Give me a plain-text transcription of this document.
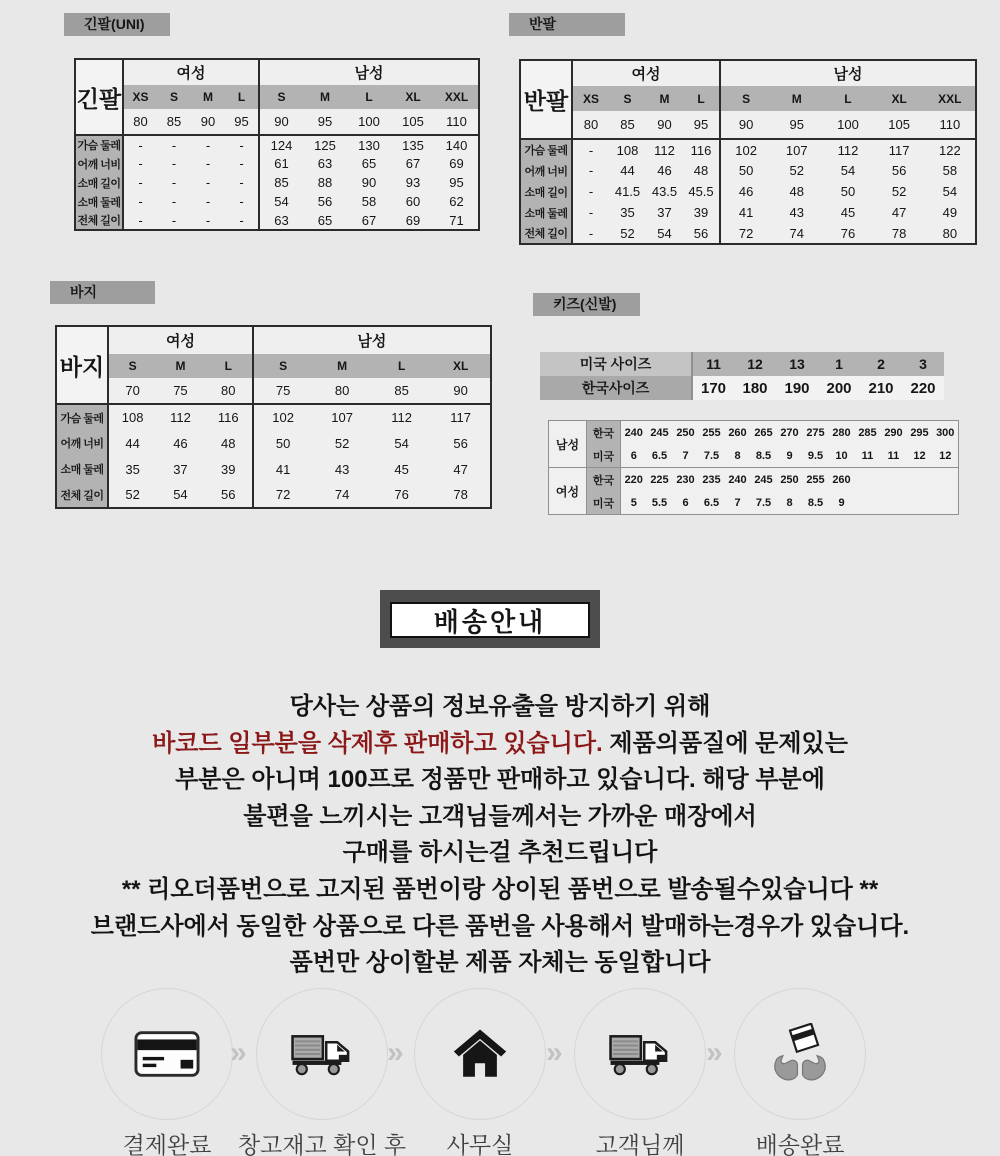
긴팔(UNI)	반팔
바지
키즈(신발)
배송안내
당사는 상품의 정보유출을 방지하기 위해
바코드 일부분을 삭제후 판매하고 있습니다. 제품의품질에 문제있는
부분은 아니며 100프로 정품만 판매하고 있습니다. 해당 부분에
불편을 느끼시는 고객님들께서는 가까운 매장에서
구매를 하시는걸 추천드립니다
** 리오더품번으로 고지된 품번이랑 상이된 품번으로 발송될수있습니다 **
브랜드사에서 동일한 상품으로 다른 품번을 사용해서 발매하는경우가 있습니다.
품번만 상이할분 제품 자체는 동일합니다
»	»	»	»
결제완료	창고재고 확인 후	사무실	고객님께	배송완료
긴팔	여성				남성				
	XS	S	M	L	S	M	L	XL	XXL
	80	85	90	95	90	95	100	105	110
가슴 둘레	-	-	-	-	124	125	130	135	140
어깨 너비	-	-	-	-	61	63	65	67	69
소매 길이	-	-	-	-	85	88	90	93	95
소매 둘레	-	-	-	-	54	56	58	60	62
전체 길이	-	-	-	-	63	65	67	69	71
반팔	여성				남성				
	XS	S	M	L	S	M	L	XL	XXL
	80	85	90	95	90	95	100	105	110
가슴 둘레	-	108	112	116	102	107	112	117	122
어깨 너비	-	44	46	48	50	52	54	56	58
소매 길이	-	41.5	43.5	45.5	46	48	50	52	54
소매 둘레	-	35	37	39	41	43	45	47	49
전체 길이	-	52	54	56	72	74	76	78	80
바지	여성			남성			
	S	M	L	S	M	L	XL
	70	75	80	75	80	85	90
가슴 둘레	108	112	116	102	107	112	117
어깨 너비	44	46	48	50	52	54	56
소매 둘레	35	37	39	41	43	45	47
전체 길이	52	54	56	72	74	76	78
미국 사이즈	11	12	13	1	2	3
한국사이즈	170	180	190	200	210	220
남성	한국	240	245	250	255	260	265	270	275	280	285	290	295	300
	미국	6	6.5	7	7.5	8	8.5	9	9.5	10	11	11	12	12
여성	한국	220	225	230	235	240	245	250	255	260				
	미국	5	5.5	6	6.5	7	7.5	8	8.5	9				
